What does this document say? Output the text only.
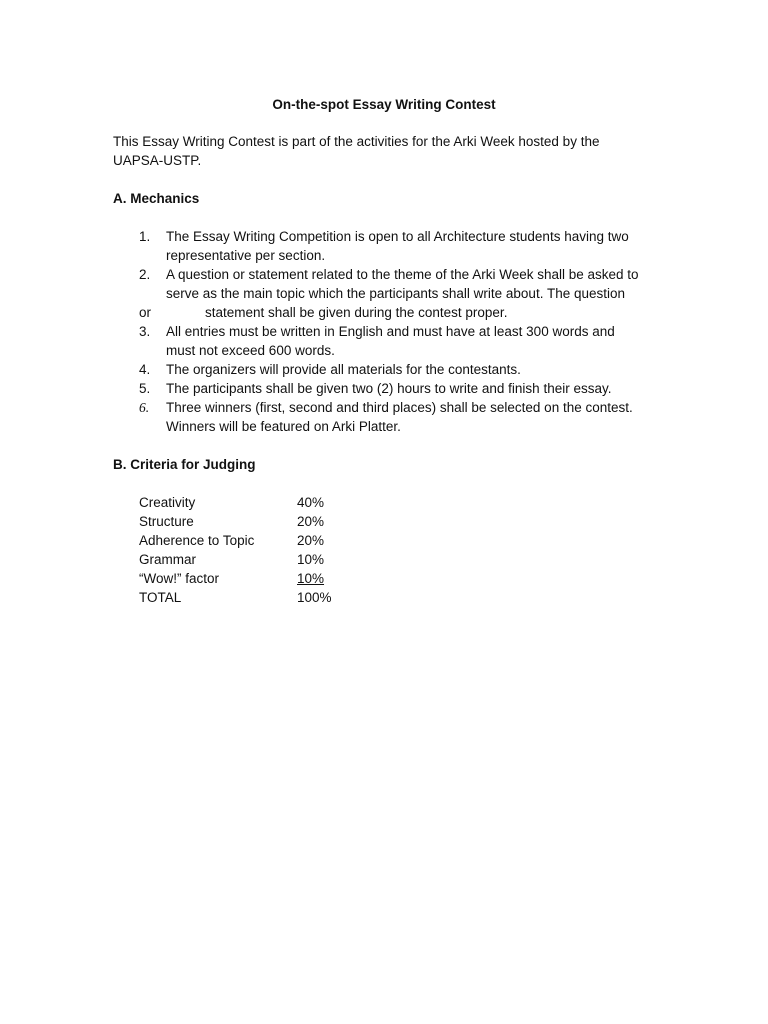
On-the-spot Essay Writing Contest
This Essay Writing Contest is part of the activities for the Arki Week hosted by the
UAPSA-USTP.
A. Mechanics
1.	The Essay Writing Competition is open to all Architecture students having two
representative per section.
2.	A question or statement related to the theme of the Arki Week shall be asked to
serve as the main topic which the participants shall write about. The question
or	statement shall be given during the contest proper.
3.	All entries must be written in English and must have at least 300 words and
must not exceed 600 words.
4.	The organizers will provide all materials for the contestants.
5.	The participants shall be given two (2) hours to write and finish their essay.
6.	Three winners (first, second and third places) shall be selected on the contest.
Winners will be featured on Arki Platter.
B. Criteria for Judging
Creativity	40%
Structure	20%
Adherence to Topic	20%
Grammar	10%
“Wow!” factor	10%
TOTAL	100%
